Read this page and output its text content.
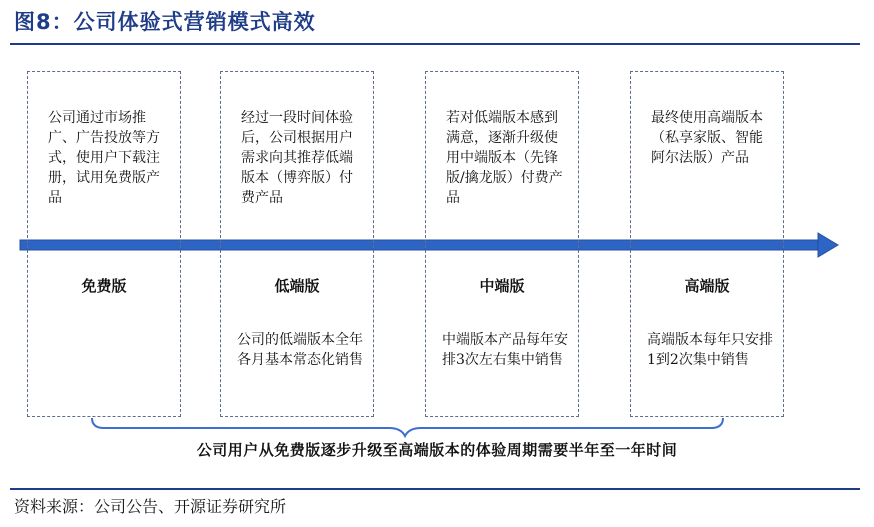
图8：公司体验式营销模式高效
公司通过市场推广、广告投放等方式，使用户下载注册，试用免费版产品
免费版
经过一段时间体验后，公司根据用户需求向其推荐低端版本（博弈版）付费产品
低端版
公司的低端版本全年各月基本常态化销售
若对低端版本感到满意，逐渐升级使用中端版本（先锋版/擒龙版）付费产品
中端版
中端版本产品每年安排3次左右集中销售
最终使用高端版本（私享家版、智能阿尔法版）产品
高端版
高端版本每年只安排1到2次集中销售
公司用户从免费版逐步升级至高端版本的体验周期需要半年至一年时间
资料来源：公司公告、开源证券研究所
